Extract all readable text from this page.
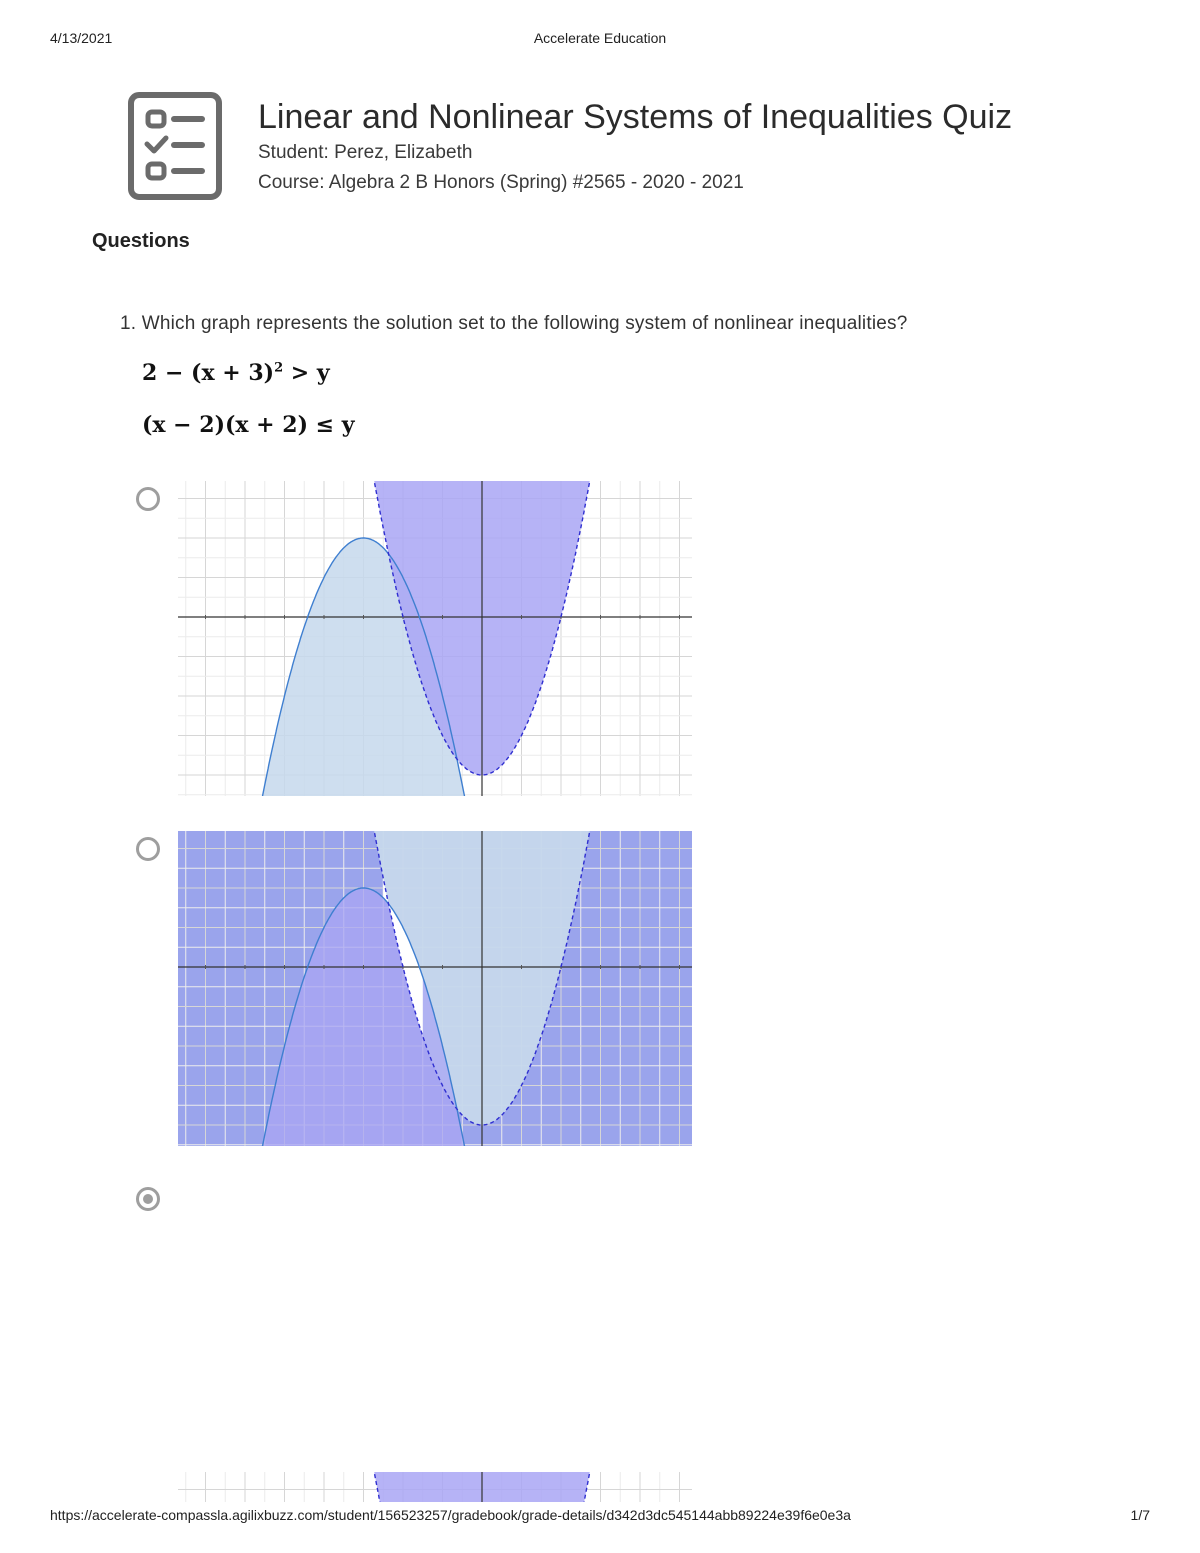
4/13/2021	Accelerate Education
Linear and Nonlinear Systems of Inequalities Quiz
Student: Perez, Elizabeth
Course: Algebra 2 B Honors (Spring) #2565 - 2020 - 2021
Questions
1. Which graph represents the solution set to the following system of nonlinear inequalities?
$2 - (x + 3)^2 > y$
(x − 2)(x + 2) ≤ y
https://accelerate-compassla.agilixbuzz.com/student/156523257/gradebook/grade-details/d342d3dc545144abb89224e39f6e0e3a	1/7
